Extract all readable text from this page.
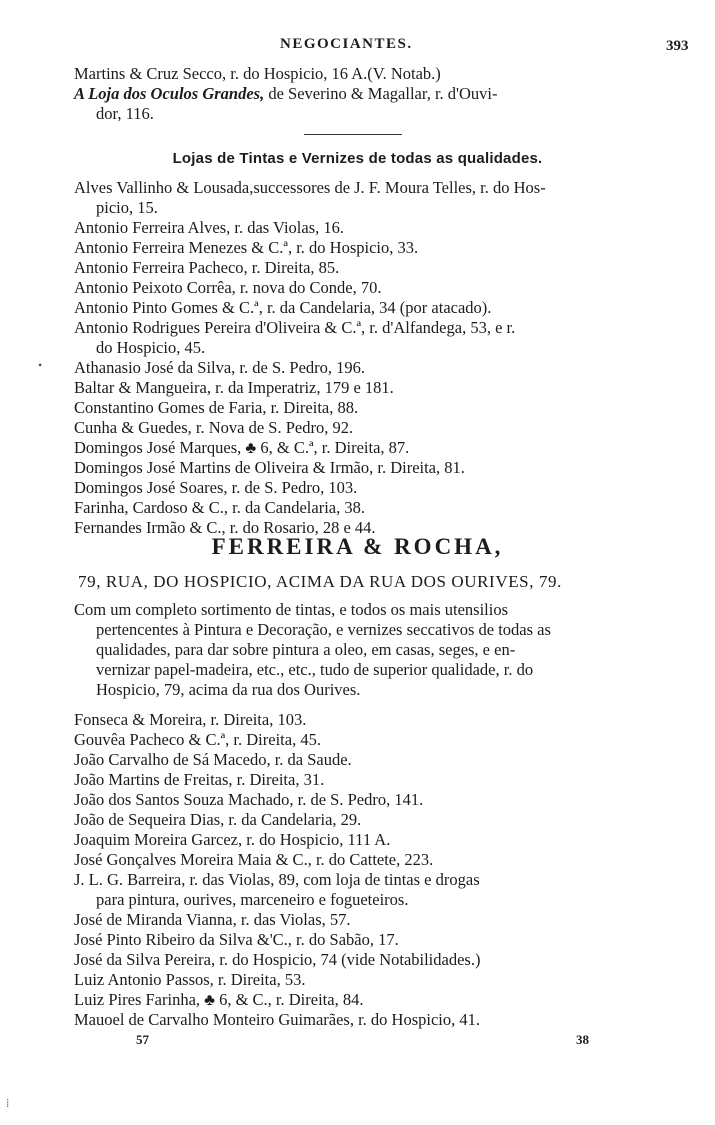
NEGOCIANTES.	393
Martins & Cruz Secco, r. do Hospicio, 16 A.(V. Notab.)
A Loja dos Oculos Grandes, de Severino & Magallar, r. d'Ouvi-
dor, 116.
Lojas de Tintas e Vernizes de todas as qualidades.
Alves Vallinho & Lousada,successores de J. F. Moura Telles, r. do Hos-
picio, 15.
Antonio Ferreira Alves, r. das Violas, 16.
Antonio Ferreira Menezes & C.ª, r. do Hospicio, 33.
Antonio Ferreira Pacheco, r. Direita, 85.
Antonio Peixoto Corrêa, r. nova do Conde, 70.
Antonio Pinto Gomes & C.ª, r. da Candelaria, 34 (por atacado).
Antonio Rodrigues Pereira d'Oliveira & C.ª, r. d'Alfandega, 53, e r.
do Hospicio, 45.
Athanasio José da Silva, r. de S. Pedro, 196.
Baltar & Mangueira, r. da Imperatriz, 179 e 181.
Constantino Gomes de Faria, r. Direita, 88.
Cunha & Guedes, r. Nova de S. Pedro, 92.
Domingos José Marques, ♣ 6, & C.ª, r. Direita, 87.
Domingos José Martins de Oliveira & Irmão, r. Direita, 81.
Domingos José Soares, r. de S. Pedro, 103.
Farinha, Cardoso & C., r. da Candelaria, 38.
Fernandes Irmão & C., r. do Rosario, 28 e 44.
FERREIRA & ROCHA,
79, RUA, DO HOSPICIO, ACIMA DA RUA DOS OURIVES, 79.
Com um completo sortimento de tintas, e todos os mais utensilios
pertencentes à Pintura e Decoração, e vernizes seccativos de todas as
qualidades, para dar sobre pintura a oleo, em casas, seges, e en-
vernizar papel-madeira, etc., etc., tudo de superior qualidade, r. do
Hospicio, 79, acima da rua dos Ourives.
Fonseca & Moreira, r. Direita, 103.
Gouvêa Pacheco & C.ª, r. Direita, 45.
João Carvalho de Sá Macedo, r. da Saude.
João Martins de Freitas, r. Direita, 31.
João dos Santos Souza Machado, r. de S. Pedro, 141.
João de Sequeira Dias, r. da Candelaria, 29.
Joaquim Moreira Garcez, r. do Hospicio, 111 A.
José Gonçalves Moreira Maia & C., r. do Cattete, 223.
J. L. G. Barreira, r. das Violas, 89, com loja de tintas e drogas
para pintura, ourives, marceneiro e fogueteiros.
José de Miranda Vianna, r. das Violas, 57.
José Pinto Ribeiro da Silva &'C., r. do Sabão, 17.
José da Silva Pereira, r. do Hospicio, 74 (vide Notabilidades.)
Luiz Antonio Passos, r. Direita, 53.
Luiz Pires Farinha, ♣ 6, & C., r. Direita, 84.
Mauoel de Carvalho Monteiro Guimarães, r. do Hospicio, 41.
57	38
•
⁞
